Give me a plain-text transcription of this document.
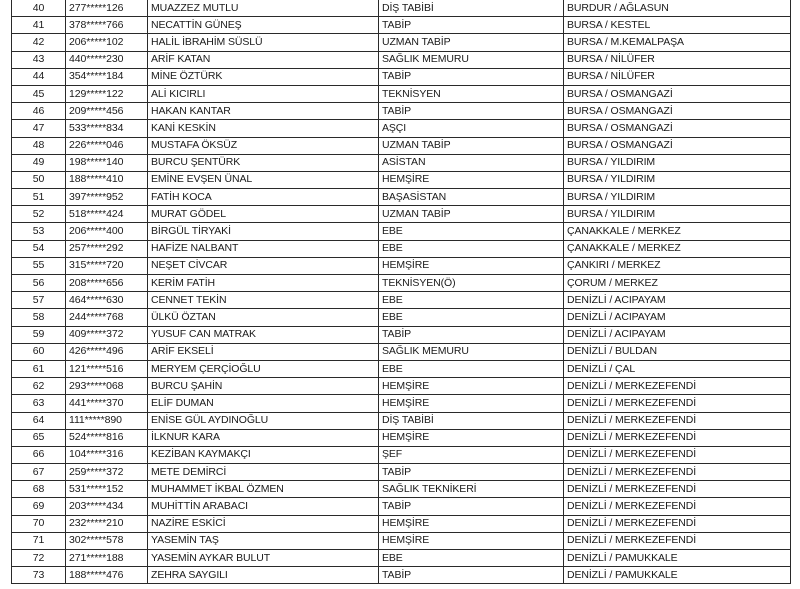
40	277*****126	MUAZZEZ MUTLU	DİŞ TABİBİ	BURDUR / AĞLASUN
41	378*****766	NECATTİN GÜNEŞ	TABİP	BURSA / KESTEL
42	206*****102	HALİL İBRAHİM SÜSLÜ	UZMAN TABİP	BURSA / M.KEMALPAŞA
43	440*****230	ARİF KATAN	SAĞLIK MEMURU	BURSA / NİLÜFER
44	354*****184	MİNE ÖZTÜRK	TABİP	BURSA / NİLÜFER
45	129*****122	ALİ KICIRLI	TEKNİSYEN	BURSA / OSMANGAZİ
46	209*****456	HAKAN KANTAR	TABİP	BURSA / OSMANGAZİ
47	533*****834	KANİ KESKİN	AŞÇI	BURSA / OSMANGAZİ
48	226*****046	MUSTAFA ÖKSÜZ	UZMAN TABİP	BURSA / OSMANGAZİ
49	198*****140	BURCU ŞENTÜRK	ASİSTAN	BURSA / YILDIRIM
50	188*****410	EMİNE EVŞEN ÜNAL	HEMŞİRE	BURSA / YILDIRIM
51	397*****952	FATİH KOCA	BAŞASİSTAN	BURSA / YILDIRIM
52	518*****424	MURAT GÖDEL	UZMAN TABİP	BURSA / YILDIRIM
53	206*****400	BİRGÜL TİRYAKİ	EBE	ÇANAKKALE / MERKEZ
54	257*****292	HAFİZE NALBANT	EBE	ÇANAKKALE / MERKEZ
55	315*****720	NEŞET CİVCAR	HEMŞİRE	ÇANKIRI / MERKEZ
56	208*****656	KERİM FATİH	TEKNİSYEN(Ö)	ÇORUM / MERKEZ
57	464*****630	CENNET TEKİN	EBE	DENİZLİ / ACIPAYAM
58	244*****768	ÜLKÜ ÖZTAN	EBE	DENİZLİ / ACIPAYAM
59	409*****372	YUSUF CAN MATRAK	TABİP	DENİZLİ / ACIPAYAM
60	426*****496	ARİF EKSELİ	SAĞLIK MEMURU	DENİZLİ / BULDAN
61	121*****516	MERYEM ÇERÇİOĞLU	EBE	DENİZLİ / ÇAL
62	293*****068	BURCU ŞAHİN	HEMŞİRE	DENİZLİ / MERKEZEFENDİ
63	441*****370	ELİF DUMAN	HEMŞİRE	DENİZLİ / MERKEZEFENDİ
64	111*****890	ENİSE GÜL AYDINOĞLU	DİŞ TABİBİ	DENİZLİ / MERKEZEFENDİ
65	524*****816	İLKNUR KARA	HEMŞİRE	DENİZLİ / MERKEZEFENDİ
66	104*****316	KEZİBAN KAYMAKÇI	ŞEF	DENİZLİ / MERKEZEFENDİ
67	259*****372	METE DEMİRCİ	TABİP	DENİZLİ / MERKEZEFENDİ
68	531*****152	MUHAMMET İKBAL ÖZMEN	SAĞLIK TEKNİKERİ	DENİZLİ / MERKEZEFENDİ
69	203*****434	MUHİTTİN ARABACI	TABİP	DENİZLİ / MERKEZEFENDİ
70	232*****210	NAZİRE ESKİCİ	HEMŞİRE	DENİZLİ / MERKEZEFENDİ
71	302*****578	YASEMİN TAŞ	HEMŞİRE	DENİZLİ / MERKEZEFENDİ
72	271*****188	YASEMİN AYKAR BULUT	EBE	DENİZLİ / PAMUKKALE
73	188*****476	ZEHRA SAYGILI	TABİP	DENİZLİ / PAMUKKALE
